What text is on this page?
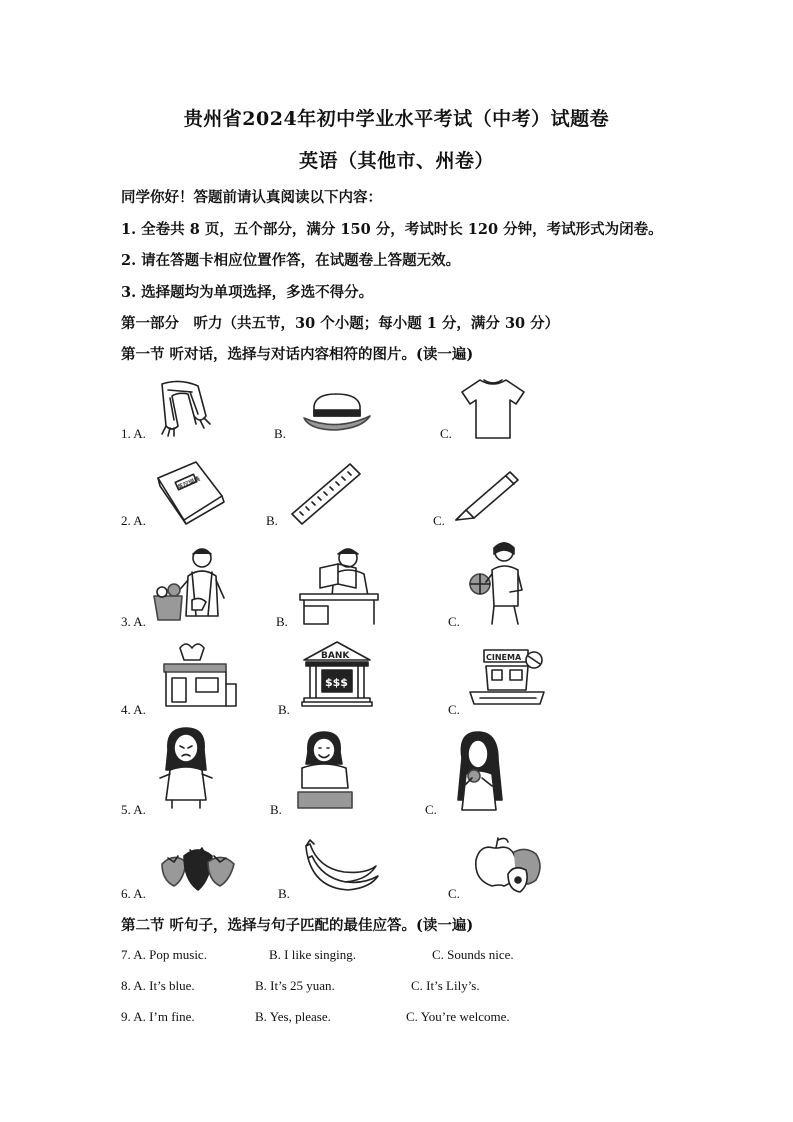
贵州省2024年初中学业水平考试（中考）试题卷
英语（其他市、州卷）
同学你好！答题前请认真阅读以下内容：
1. 全卷共 8 页，五个部分，满分 150 分，考试时长 120 分钟，考试形式为闭卷。
2. 请在答题卡相应位置作答，在试题卷上答题无效。
3. 选择题均为单项选择，多选不得分。
第一部分　听力（共五节，30 个小题；每小题 1 分，满分 30 分）
第一节 听对话，选择与对话内容相符的图片。(读一遍)
1. A.	B.	C.
2. A.	B.	C.
英汉词典
3. A.	B.	C.
4. A.	B.	C.
BANK
$$$
CINEMA
5. A.	B.	C.
6. A.	B.	C.
第二节 听句子，选择与句子匹配的最佳应答。(读一遍)
7. A. Pop music.	B. I like singing.	C. Sounds nice.
8. A. It’s blue.	B. It’s 25 yuan.	C. It’s Lily’s.
9. A. I’m fine.	B. Yes, please.	C. You’re welcome.
